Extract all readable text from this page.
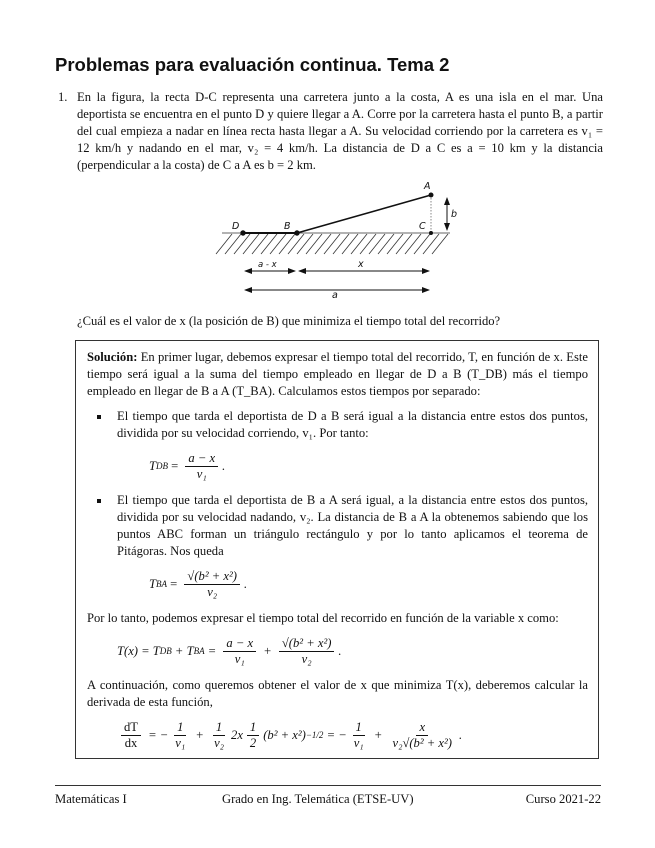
Problemas para evaluación continua. Tema 2
1. En la figura, la recta D-C representa una carretera junto a la costa, A es una isla en el mar. Una deportista se encuentra en el punto D y quiere llegar a A. Corre por la carretera hasta el punto B, a partir del cual empieza a nadar en línea recta hasta llegar a A. Su velocidad corriendo por la carretera es v₁ = 12 km/h y nadando en el mar, v₂ = 4 km/h. La distancia de D a C es a = 10 km y la distancia (perpendicular a la costa) de C a A es b = 2 km.
A
D	B	C
b
a - x	x
a
¿Cuál es el valor de x (la posición de B) que minimiza el tiempo total del recorrido?

Solución: En primer lugar, debemos expresar el tiempo total del recorrido, T, en función de x. Este tiempo será igual a la suma del tiempo empleado en llegar de D a B (T_DB) más el tiempo empleado en llegar de B a A (T_BA). Calculamos estos tiempos por separado:

El tiempo que tarda el deportista de D a B será igual a la distancia entre estos dos puntos, dividida por su velocidad corriendo, v₁. Por tanto:
T DB = $\frac{a - x}{\text{v₁}}$ .
El tiempo que tarda el deportista de B a A será igual, a la distancia entre estos dos puntos, dividida por su velocidad nadando, v₂. La distancia de B a A la obtenemos sabiendo que los puntos ABC forman un triángulo rectángulo y por lo tanto aplicamos el teorema de Pitágoras. Nos queda
T BA = $\frac{\text{√(b² + x²)}}{\text{v₂}}$ .

Por lo tanto, podemos expresar el tiempo total del recorrido en función de la variable x como:

T(x) = T DB + T BA = $\frac{a - x}{\text{v₁}} + \frac{\text{√(b² + x²)}}{\text{v₂}}$ .

A continuación, como queremos obtener el valor de x que minimiza T(x), deberemos calcular la derivada de esta función,

$\frac{dT}{dx}$ = − $\frac{1}{\text{v₁}} + \frac{1}{\text{v₂}} 2x \frac{1}{2} (b^2 + x^2) -1/2$ = − $\frac{1}{\text{v₁}} + \frac{x}{\text{v₂√(b² + x²)}}$ .
Matemáticas I	Grado en Ing. Telemática (ETSE-UV)	Curso 2021-22
